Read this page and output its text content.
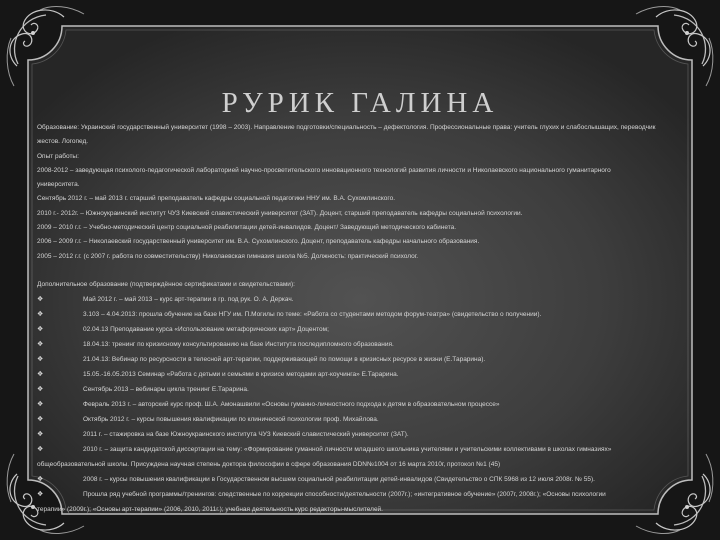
РУРИК ГАЛИНА
Образование: Украинский государственный университет (1998 – 2003). Направление подготовки/специальность – дефектология. Профессиональные права: учитель глухих и слабослышащих, переводчик
жестов. Логопед.
Опыт работы:
2008-2012 – заведующая психолого-педагогической лабораторией научно-просветительского инновационного технологий развития личности и Николаевского национального гуманитарного
университета.
Сентябрь 2012 г. – май 2013 г. старший преподаватель кафедры социальной педагогики ННУ им. В.А. Сухомлинского.
2010 г.- 2012г. – Южноукраинский институт ЧУЗ Киевский славистический университет (ЗАТ). Доцент, старший преподаватель кафедры социальной психологии.
2009 – 2010 г.г. – Учебно-методический центр социальной реабилитации детей-инвалидов. Доцент/ Заведующий методического кабинета.
2006 – 2009 г.г. – Николаевский государственный университет им. В.А. Сухомлинского. Доцент, преподаватель кафедры начального образования.
2005 – 2012 г.г. (с 2007 г. работа по совместительству) Николаевская гимназия школа №5. Должность: практический психолог.
Дополнительное образование (подтверждённое сертификатами и свидетельствами):
❖	Май 2012 г. – май 2013 – курс арт-терапии в гр. под рук. О. А. Деркач.
❖	3.103 – 4.04.2013: прошла обучение на базе НГУ им. П.Могилы по теме: «Работа со студентами методом форум-театра» (свидетельство о получении).
❖	02.04.13 Преподавание курса «Использование метафорических карт» Доцентом;
❖	18.04.13: тренинг по кризисному консультированию на базе Института последипломного образования.
❖	21.04.13: Вебинар по ресурсности в телесной арт-терапии, поддерживающей по помощи в кризисных ресурсе в жизни (Е.Тарарина).
❖	15.05.-16.05.2013 Семинар «Работа с детьми и семьями в кризисе методами арт-коучинга» Е.Тарарина.
❖	Сентябрь 2013 – вебинары цикла тренинг Е.Тарарина.
❖	Февраль 2013 г. – авторский курс проф. Ш.А. Амонашвили «Основы гуманно-личностного подхода к детям в образовательном процессе»
❖	Октябрь 2012 г. – курсы повышения квалификации по клинической психологии проф. Михайлова.
❖	2011 г. – стажировка на базе Южноукраинского института ЧУЗ Киевский славистический университет (ЗАТ).
❖	2010 г. – защита кандидатской диссертации на тему: «Формирование гуманной личности младшего школьника учителями и учительскими коллективами в школах гимназиях»
общеобразовательной школы. Присуждена научная степень доктора философии в сфере образования DDN№1004 от 16 марта 2010г, протокол №1 (45)
❖	2008 г. – курсы повышения квалификации в Государственном высшем социальной реабилитации детей-инвалидов (Свидетельство о СПК 5968 из 12 июля 2008г. № 55).
❖	Прошла ряд учебной программы/тренингов: следственные по коррекции способности/деятельности (2007г.); «интегративное обучение» (2007г, 2008г.); «Основы психологии
терапии» (2009г.); «Основы арт-терапии» (2006, 2010, 2011г.); учебная деятельность курс редакторы-мыслителей.
